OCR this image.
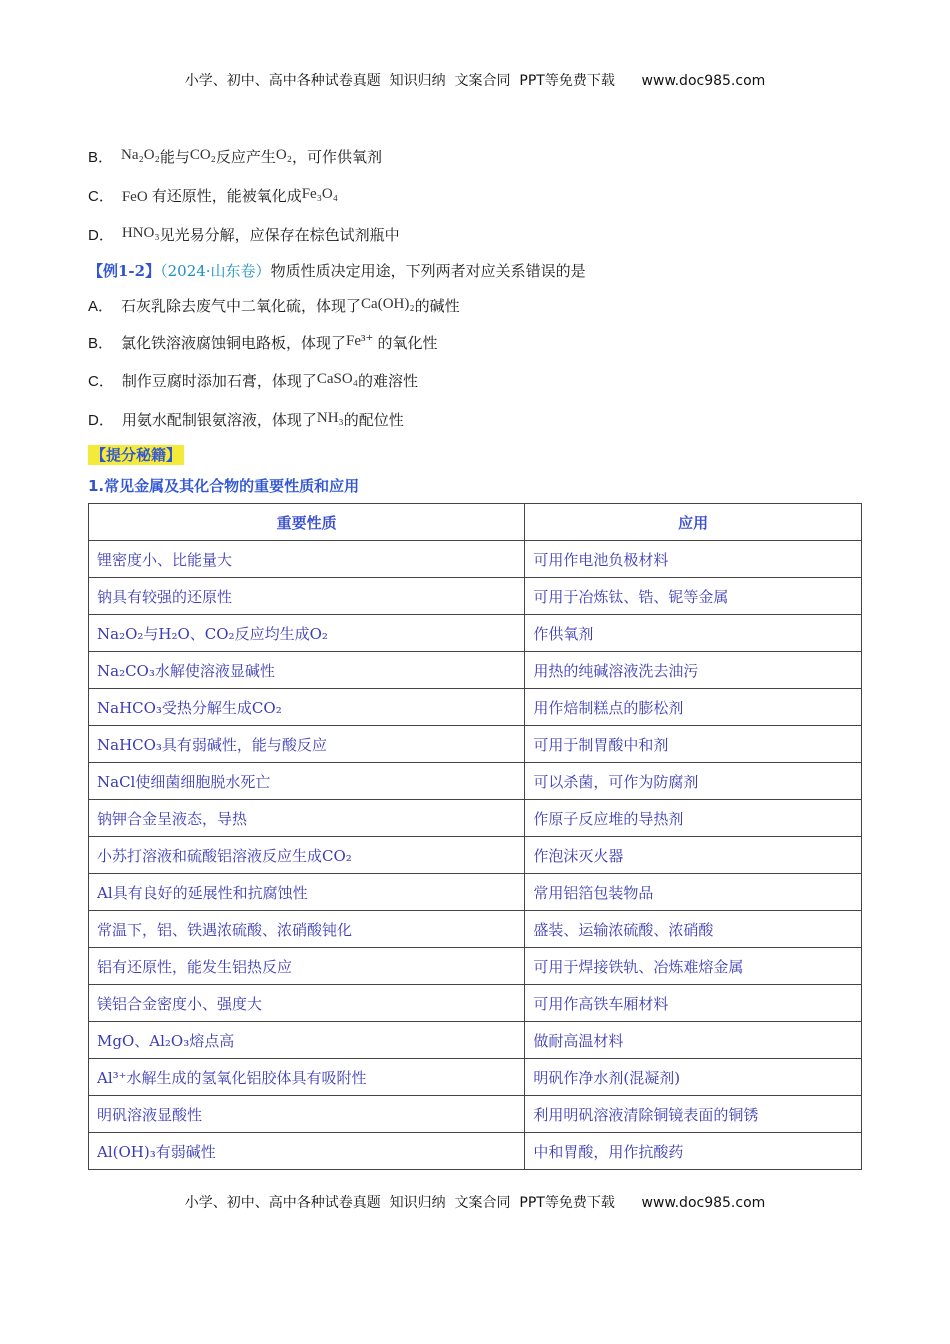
小学、初中、高中各种试卷真题  知识归纳  文案合同  PPT等免费下载      www.doc985.com
B． Na₂O₂能与CO₂反应产生O₂，可作供氧剂
C． FeO 有还原性，能被氧化成Fe₃O₄
D． HNO₃见光易分解，应保存在棕色试剂瓶中
【例1-2】（2024·山东卷）物质性质决定用途，下列两者对应关系错误的是
A． 石灰乳除去废气中二氧化硫，体现了Ca(OH)₂的碱性
B． 氯化铁溶液腐蚀铜电路板，体现了Fe³⁺ 的氧化性
C． 制作豆腐时添加石膏，体现了CaSO₄的难溶性
D． 用氨水配制银氨溶液，体现了NH₃的配位性
【提分秘籍】
1.常见金属及其化合物的重要性质和应用
重要性质	应用
锂密度小、比能量大	可用作电池负极材料
钠具有较强的还原性	可用于冶炼钛、锆、铌等金属
Na₂O₂与H₂O、CO₂反应均生成O₂	作供氧剂
Na₂CO₃水解使溶液显碱性	用热的纯碱溶液洗去油污
NaHCO₃受热分解生成CO₂	用作焙制糕点的膨松剂
NaHCO₃具有弱碱性，能与酸反应	可用于制胃酸中和剂
NaCl使细菌细胞脱水死亡	可以杀菌，可作为防腐剂
钠钾合金呈液态，导热	作原子反应堆的导热剂
小苏打溶液和硫酸铝溶液反应生成CO₂	作泡沫灭火器
Al具有良好的延展性和抗腐蚀性	常用铝箔包装物品
常温下，铝、铁遇浓硫酸、浓硝酸钝化	盛装、运输浓硫酸、浓硝酸
铝有还原性，能发生铝热反应	可用于焊接铁轨、冶炼难熔金属
镁铝合金密度小、强度大	可用作高铁车厢材料
MgO、Al₂O₃熔点高	做耐高温材料
Al³⁺水解生成的氢氧化铝胶体具有吸附性	明矾作净水剂(混凝剂)
明矾溶液显酸性	利用明矾溶液清除铜镜表面的铜锈
Al(OH)₃有弱碱性	中和胃酸，用作抗酸药
小学、初中、高中各种试卷真题  知识归纳  文案合同  PPT等免费下载      www.doc985.com
